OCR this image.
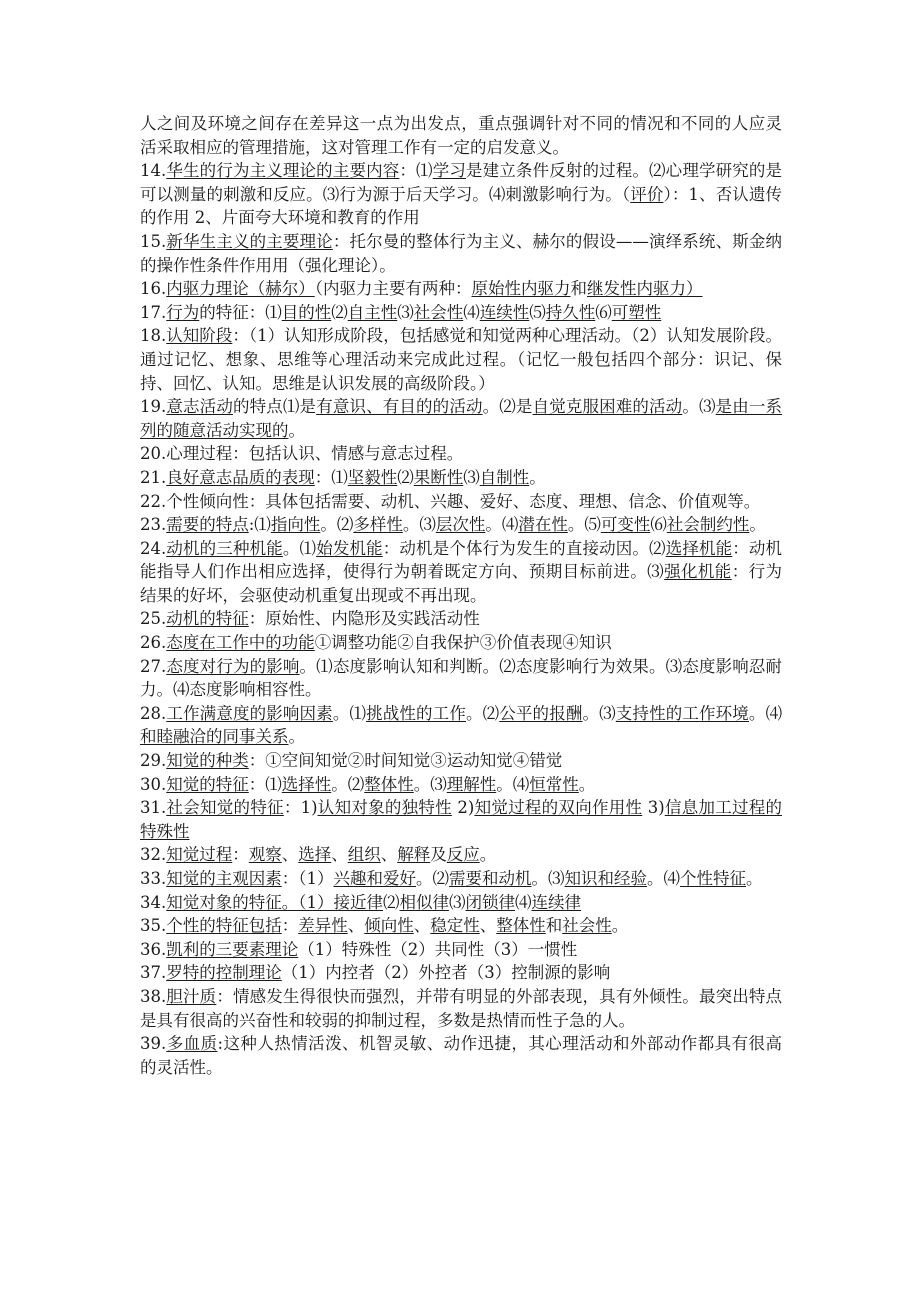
人之间及环境之间存在差异这一点为出发点，重点强调针对不同的情况和不同的人应灵活采取相应的管理措施，这对管理工作有一定的启发意义。

14.华生的行为主义理论的主要内容：⑴学习是建立条件反射的过程。⑵心理学研究的是可以测量的刺激和反应。⑶行为源于后天学习。⑷刺激影响行为。（评价）：1、否认遗传的作用 2、片面夸大环境和教育的作用

15.新华生主义的主要理论：托尔曼的整体行为主义、赫尔的假设——演绎系统、斯金纳的操作性条件作用用（强化理论）。

16.内驱力理论（赫尔）（内驱力主要有两种：原始性内驱力和继发性内驱力）

17.行为的特征：⑴目的性⑵自主性⑶社会性⑷连续性⑸持久性⑹可塑性

18.认知阶段：（1）认知形成阶段，包括感觉和知觉两种心理活动。（2）认知发展阶段。通过记忆、想象、思维等心理活动来完成此过程。（记忆一般包括四个部分：识记、保持、回忆、认知。思维是认识发展的高级阶段。）

19.意志活动的特点⑴是有意识、有目的的活动。⑵是自觉克服困难的活动。⑶是由一系列的随意活动实现的。

20.心理过程：包括认识、情感与意志过程。

21.良好意志品质的表现：⑴坚毅性⑵果断性⑶自制性。

22.个性倾向性：具体包括需要、动机、兴趣、爱好、态度、理想、信念、价值观等。

23.需要的特点:⑴指向性。⑵多样性。⑶层次性。⑷潜在性。⑸可变性⑹社会制约性。

24.动机的三种机能。⑴始发机能：动机是个体行为发生的直接动因。⑵选择机能：动机能指导人们作出相应选择，使得行为朝着既定方向、预期目标前进。⑶强化机能：行为结果的好坏，会驱使动机重复出现或不再出现。

25.动机的特征：原始性、内隐形及实践活动性

26.态度在工作中的功能①调整功能②自我保护③价值表现④知识

27.态度对行为的影响。⑴态度影响认知和判断。⑵态度影响行为效果。⑶态度影响忍耐力。⑷态度影响相容性。

28.工作满意度的影响因素。⑴挑战性的工作。⑵公平的报酬。⑶支持性的工作环境。⑷和睦融洽的同事关系。

29.知觉的种类：①空间知觉②时间知觉③运动知觉④错觉

30.知觉的特征：⑴选择性。⑵整体性。⑶理解性。⑷恒常性。

31.社会知觉的特征：1)认知对象的独特性 2)知觉过程的双向作用性 3)信息加工过程的特殊性

32.知觉过程：观察、选择、组织、解释及反应。

33.知觉的主观因素：（1）兴趣和爱好。⑵需要和动机。⑶知识和经验。⑷个性特征。

34.知觉对象的特征。（1）接近律⑵相似律⑶闭锁律⑷连续律

35.个性的特征包括：差异性、倾向性、稳定性、整体性和社会性。

36.凯利的三要素理论（1）特殊性（2）共同性（3）一惯性

37.罗特的控制理论（1）内控者（2）外控者（3）控制源的影响

38.胆汁质：情感发生得很快而强烈，并带有明显的外部表现，具有外倾性。最突出特点是具有很高的兴奋性和较弱的抑制过程，多数是热情而性子急的人。

39.多血质:这种人热情活泼、机智灵敏、动作迅捷，其心理活动和外部动作都具有很高的灵活性。
